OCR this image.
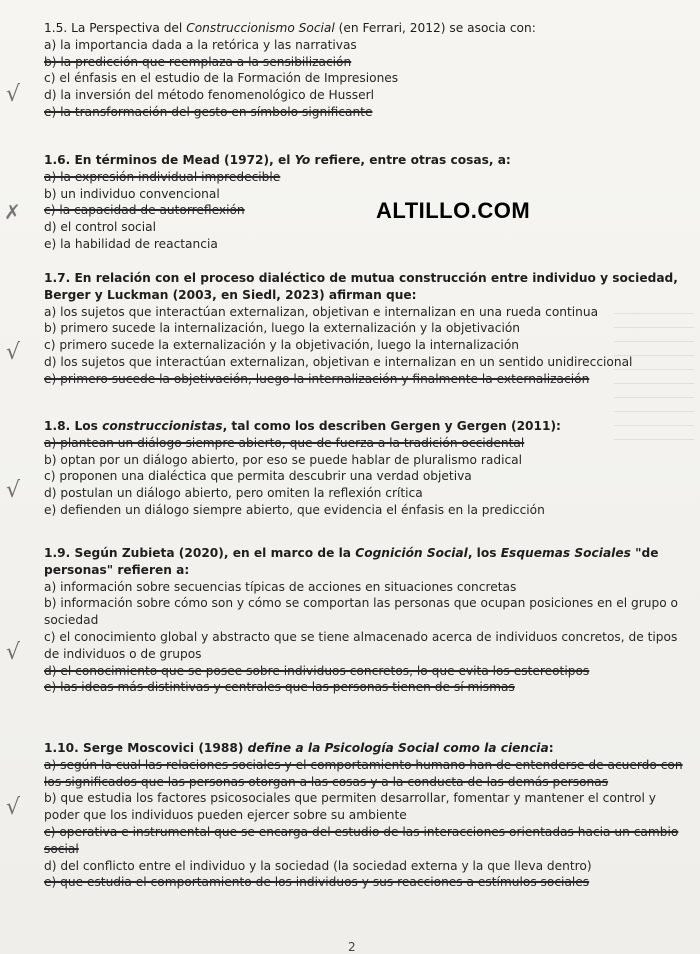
1.5. La Perspectiva del Construccionismo Social (en Ferrari, 2012) se asocia con:
a) la importancia dada a la retórica y las narrativas
b) la predicción que reemplaza a la sensibilización
c) el énfasis en el estudio de la Formación de Impresiones
d) la inversión del método fenomenológico de Husserl
e) la transformación del gesto en símbolo significante
√
1.6. En términos de Mead (1972), el Yo refiere, entre otras cosas, a:
a) la expresión individual impredecible
b) un individuo convencional
c) la capacidad de autorreflexión
d) el control social
e) la habilidad de reactancia
✗	ALTILLO.COM
1.7. En relación con el proceso dialéctico de mutua construcción entre individuo y sociedad, Berger y Luckman (2003, en Siedl, 2023) afirman que:
a) los sujetos que interactúan externalizan, objetivan e internalizan en una rueda continua
b) primero sucede la internalización, luego la externalización y la objetivación
c) primero sucede la externalización y la objetivación, luego la internalización
d) los sujetos que interactúan externalizan, objetivan e internalizan en un sentido unidireccional
e) primero sucede la objetivación, luego la internalización y finalmente la externalización
√
1.8. Los construccionistas, tal como los describen Gergen y Gergen (2011):
a) plantean un diálogo siempre abierto, que de fuerza a la tradición occidental
b) optan por un diálogo abierto, por eso se puede hablar de pluralismo radical
c) proponen una dialéctica que permita descubrir una verdad objetiva
d) postulan un diálogo abierto, pero omiten la reflexión crítica
e) defienden un diálogo siempre abierto, que evidencia el énfasis en la predicción
√
1.9. Según Zubieta (2020), en el marco de la Cognición Social, los Esquemas Sociales "de personas" refieren a:
a) información sobre secuencias típicas de acciones en situaciones concretas
b) información sobre cómo son y cómo se comportan las personas que ocupan posiciones en el grupo o sociedad
c) el conocimiento global y abstracto que se tiene almacenado acerca de individuos concretos, de tipos de individuos o de grupos
d) el conocimiento que se posee sobre individuos concretos, lo que evita los estereotipos
e) las ideas más distintivas y centrales que las personas tienen de sí mismas
√
1.10. Serge Moscovici (1988) define a la Psicología Social como la ciencia:
a) según la cual las relaciones sociales y el comportamiento humano han de entenderse de acuerdo con los significados que las personas otorgan a las cosas y a la conducta de las demás personas
b) que estudia los factores psicosociales que permiten desarrollar, fomentar y mantener el control y poder que los individuos pueden ejercer sobre su ambiente
c) operativa e instrumental que se encarga del estudio de las interacciones orientadas hacia un cambio social
d) del conflicto entre el individuo y la sociedad (la sociedad externa y la que lleva dentro)
e) que estudia el comportamiento de los individuos y sus reacciones a estímulos sociales
√
2
